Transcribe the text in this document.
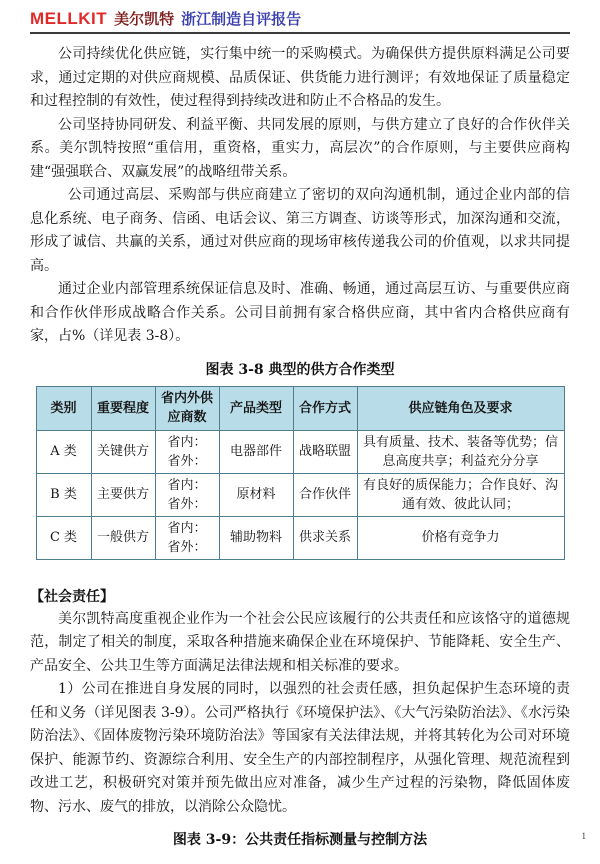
MELLKIT 美尔凯特 浙江制造自评报告

公司持续优化供应链，实行集中统一的采购模式。为确保供方提供原料满足公司要求，通过定期的对供应商规模、品质保证、供货能力进行测评；有效地保证了质量稳定和过程控制的有效性，使过程得到持续改进和防止不合格品的发生。

公司坚持协同研发、利益平衡、共同发展的原则，与供方建立了良好的合作伙伴关系。美尔凯特按照“重信用，重资格，重实力，高层次”的合作原则，与主要供应商构建“强强联合、双赢发展”的战略纽带关系。

公司通过高层、采购部与供应商建立了密切的双向沟通机制，通过企业内部的信息化系统、电子商务、信函、电话会议、第三方调查、访谈等形式，加深沟通和交流，形成了诚信、共赢的关系，通过对供应商的现场审核传递我公司的价值观，以求共同提高。

通过企业内部管理系统保证信息及时、准确、畅通，通过高层互访、与重要供应商和合作伙伴形成战略合作关系。公司目前拥有家合格供应商，其中省内合格供应商有家，占%（详见表 3-8）。

图表 3-8 典型的供方合作类型
类别	重要程度	省内外供应商数	产品类型	合作方式	供应链角色及要求
A 类	关键供方	省内：
省外：	电器部件	战略联盟	具有质量、技术、装备等优势；信息高度共享；利益充分分享
B 类	主要供方	省内：
省外：	原材料	合作伙伴	有良好的质保能力；合作良好、沟通有效、彼此认同；
C 类	一般供方	省内：
省外：	辅助物料	供求关系	价格有竞争力
【社会责任】

美尔凯特高度重视企业作为一个社会公民应该履行的公共责任和应该恪守的道德规范，制定了相关的制度，采取各种措施来确保企业在环境保护、节能降耗、安全生产、产品安全、公共卫生等方面满足法律法规和相关标准的要求。

1）公司在推进自身发展的同时，以强烈的社会责任感，担负起保护生态环境的责任和义务（详见图表 3-9）。公司严格执行《环境保护法》、《大气污染防治法》、《水污染防治法》、《固体废物污染环境防治法》等国家有关法律法规，并将其转化为公司对环境保护、能源节约、资源综合利用、安全生产的内部控制程序，从强化管理、规范流程到改进工艺，积极研究对策并预先做出应对准备，减少生产过程的污染物，降低固体废物、污水、废气的排放，以消除公众隐忧。

图表 3-9：公共责任指标测量与控制方法	1
